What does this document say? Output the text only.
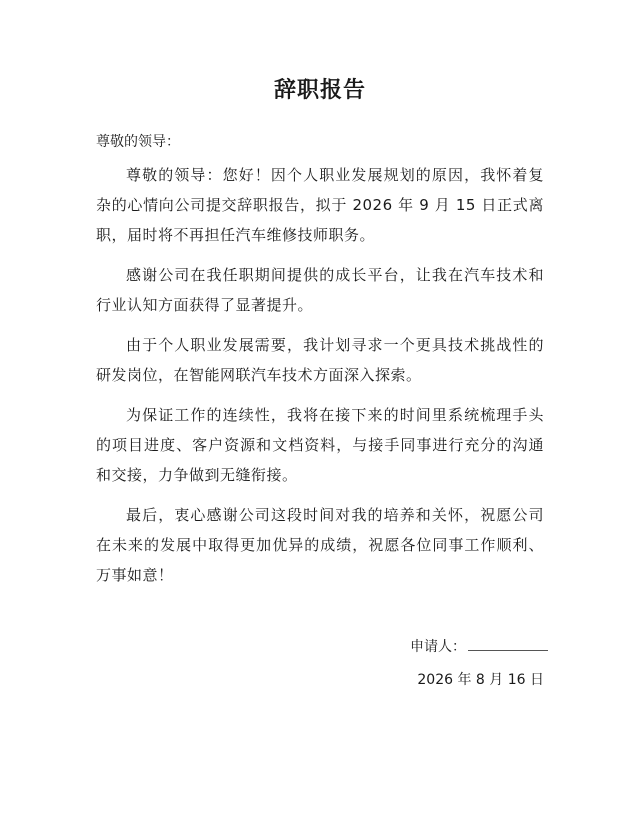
辞职报告
尊敬的领导：

尊敬的领导：您好！因个人职业发展规划的原因，我怀着复杂的心情向公司提交辞职报告，拟于 2026 年 9 月 15 日正式离职，届时将不再担任汽车维修技师职务。

感谢公司在我任职期间提供的成长平台，让我在汽车技术和行业认知方面获得了显著提升。

由于个人职业发展需要，我计划寻求一个更具技术挑战性的研发岗位，在智能网联汽车技术方面深入探索。

为保证工作的连续性，我将在接下来的时间里系统梳理手头的项目进度、客户资源和文档资料，与接手同事进行充分的沟通和交接，力争做到无缝衔接。

最后，衷心感谢公司这段时间对我的培养和关怀，祝愿公司在未来的发展中取得更加优异的成绩，祝愿各位同事工作顺利、万事如意！

申请人：
2026 年 8 月 16 日
